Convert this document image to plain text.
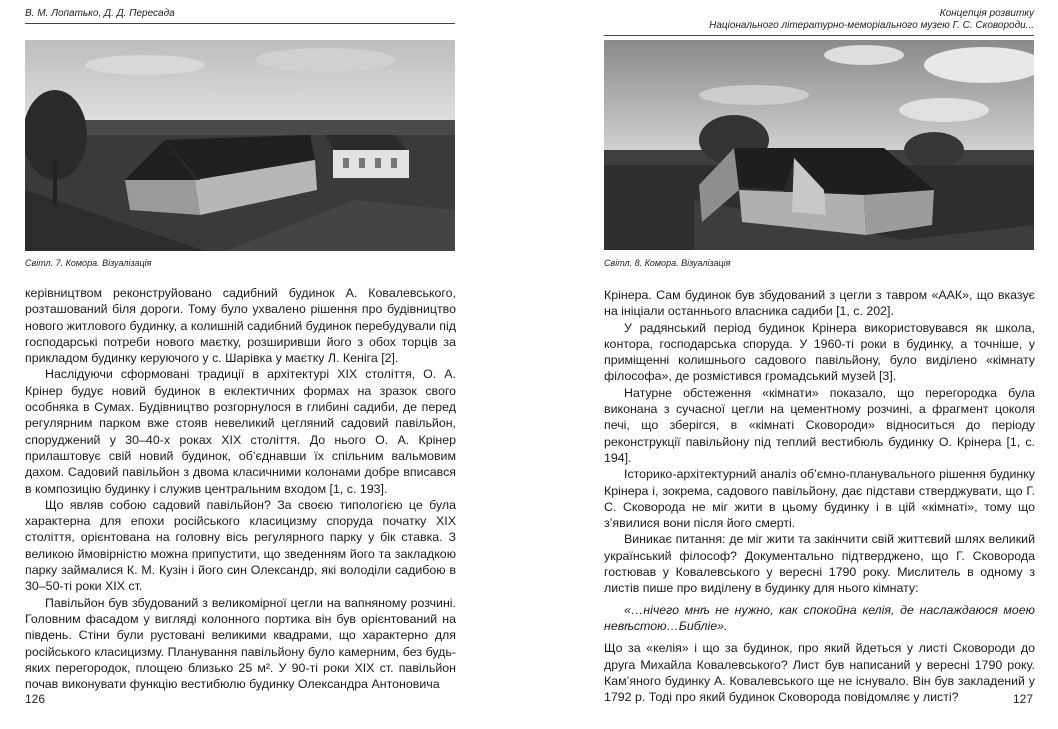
В. М. Лопатько, Д. Д. Пересада
Світл. 7. Комора. Візуалізація

керівництвом реконструйовано садибний будинок А. Ковалевського, розташований біля дороги. Тому було ухвалено рішення про будівництво нового житлового будинку, а колишній садибний будинок перебудували під господарські потреби нового маєтку, розширивши його з обох торців за прикладом будинку керуючого у с. Шарівка у маєтку Л. Кеніга [2].

Наслідуючи сформовані традиції в архітектурі XIX століття, О. А. Крінер будує новий будинок в еклектичних формах на зразок свого особняка в Сумах. Будівництво розгорнулося в глибині садиби, де перед регулярним парком вже стояв невеликий цегляний садовий павільйон, споруджений у 30–40-х роках XIX століття. До нього О. А. Крінер прилаштовує свій новий будинок, об’єднавши їх спільним вальмовим дахом. Садовий павільйон з двома класичними колонами добре вписався в композицію будинку і служив центральним входом [1, с. 193].

Що являв собою садовий павільйон? За своєю типологією це була характерна для епохи російського класицизму споруда початку XIX століття, орієнтована на головну вісь регулярного парку у бік ставка. З великою ймовірністю можна припустити, що зведенням його та закладкою парку займалися К. М. Кузін і його син Олександр, які володіли садибою в 30–50-ті роки XIX ст.

Павільйон був збудований з великомірної цегли на вапняному розчині. Головним фасадом у вигляді колонного портика він був орієнтований на південь. Стіни були рустовані великими квадрами, що характерно для російського класицизму. Планування павільйону було камерним, без будь-яких перегородок, площею близько 25 м². У 90-ті роки XIX ст. павільйон почав виконувати функцію вестибюлю будинку Олександра Антоновича

126
Концепція розвитку
Національного літературно-меморіального музею Г. С. Сковороди...
Світл. 8. Комора. Візуалізація

Крінера. Сам будинок був збудований з цегли з тавром «ААК», що вказує на ініціали останнього власника садиби [1, с. 202].

У радянський період будинок Крінера використовувався як школа, контора, господарська споруда. У 1960-ті роки в будинку, а точніше, у приміщенні колишнього садового павільйону, було виділено «кімнату філософа», де розмістився громадський музей [3].

Натурне обстеження «кімнати» показало, що перегородка була виконана з сучасної цегли на цементному розчині, а фрагмент цоколя печі, що зберігся, в «кімнаті Сковороди» відноситься до періоду реконструкції павільйону під теплий вестибюль будинку О. Крінера [1, с. 194].

Історико-архітектурний аналіз об’ємно-планувального рішення будинку Крінера і, зокрема, садового павільйону, дає підстави стверджувати, що Г. С. Сковорода не міг жити в цьому будинку і в цій «кімнаті», тому що з’явилися вони після його смерті.

Виникає питання: де міг жити та закінчити свій життєвий шлях великий український філософ? Документально підтверджено, що Г. Сковорода гостював у Ковалевського у вересні 1790 року. Мислитель в одному з листів пише про виділену в будинку для нього кімнату:

«…нічего мнѣ не нужно, как спокойна келія, де наслаждаюся моею невѣстою…Библіе».

Що за «келія» і що за будинок, про який йдеться у листі Сковороди до друга Михайла Ковалевського? Лист був написаний у вересні 1790 року. Кам’яного будинку А. Ковалевського ще не існувало. Він був закладений у 1792 р. Тоді про який будинок Сковорода повідомляє у листі?	127
